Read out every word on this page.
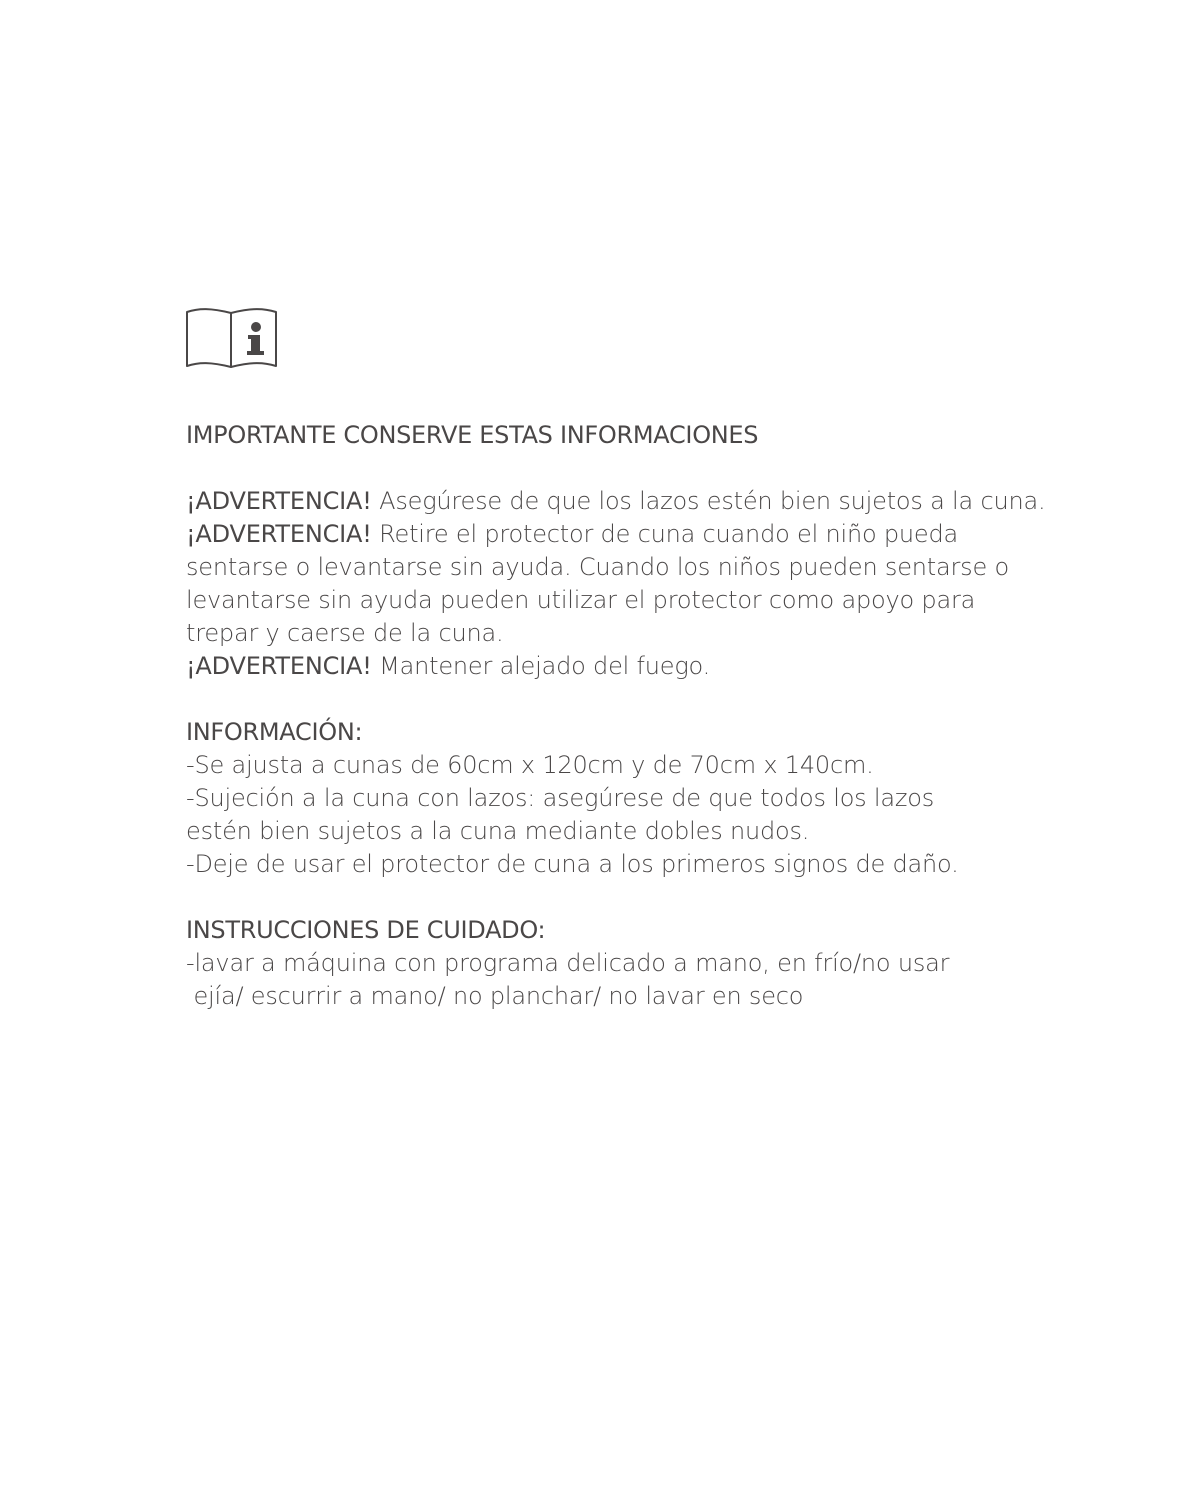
IMPORTANTE CONSERVE ESTAS INFORMACIONES

¡ADVERTENCIA! Asegúrese de que los lazos estén bien sujetos a la cuna.

¡ADVERTENCIA! Retire el protector de cuna cuando el niño pueda sentarse o levantarse sin ayuda. Cuando los niños pueden sentarse o levantarse sin ayuda pueden utilizar el protector como apoyo para

trepar y caerse de la cuna.

¡ADVERTENCIA! Mantener alejado del fuego.

INFORMACIÓN:

-Se ajusta a cunas de 60cm x 120cm y de 70cm x 140cm.

-Sujeción a la cuna con lazos: asegúrese de que todos los lazos estén bien sujetos a la cuna mediante dobles nudos.

-Deje de usar el protector de cuna a los primeros signos de daño.

INSTRUCCIONES DE CUIDADO:

-lavar a máquina con programa delicado a mano, en frío/no usar

ejía/ escurrir a mano/ no planchar/ no lavar en seco
